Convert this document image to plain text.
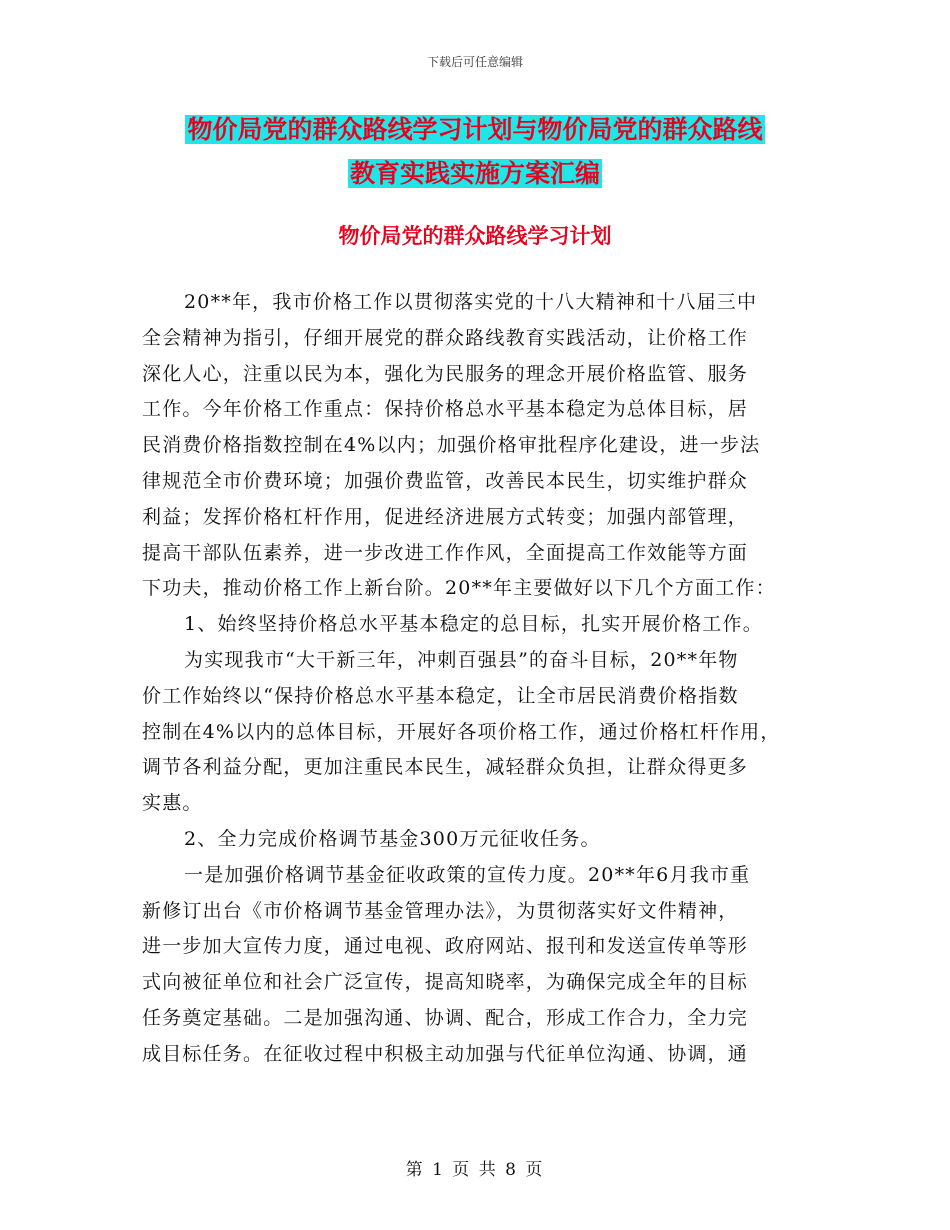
下载后可任意编辑
物价局党的群众路线学习计划与物价局党的群众路线
教育实践实施方案汇编
物价局党的群众路线学习计划
20**年，我市价格工作以贯彻落实党的十八大精神和十八届三中
全会精神为指引，仔细开展党的群众路线教育实践活动，让价格工作
深化人心，注重以民为本，强化为民服务的理念开展价格监管、服务
工作。今年价格工作重点：保持价格总水平基本稳定为总体目标，居
民消费价格指数控制在4%以内；加强价格审批程序化建设，进一步法
律规范全市价费环境；加强价费监管，改善民本民生，切实维护群众
利益；发挥价格杠杆作用，促进经济进展方式转变；加强内部管理，
提高干部队伍素养，进一步改进工作作风，全面提高工作效能等方面
下功夫，推动价格工作上新台阶。20**年主要做好以下几个方面工作：
1、始终坚持价格总水平基本稳定的总目标，扎实开展价格工作。
为实现我市“大干新三年，冲刺百强县”的奋斗目标，20**年物
价工作始终以“保持价格总水平基本稳定，让全市居民消费价格指数
控制在4%以内的总体目标，开展好各项价格工作，通过价格杠杆作用，
调节各利益分配，更加注重民本民生，减轻群众负担，让群众得更多
实惠。
2、全力完成价格调节基金300万元征收任务。
一是加强价格调节基金征收政策的宣传力度。20**年6月我市重
新修订出台《市价格调节基金管理办法》，为贯彻落实好文件精神，
进一步加大宣传力度，通过电视、政府网站、报刊和发送宣传单等形
式向被征单位和社会广泛宣传，提高知晓率，为确保完成全年的目标
任务奠定基础。二是加强沟通、协调、配合，形成工作合力，全力完
成目标任务。在征收过程中积极主动加强与代征单位沟通、协调，通
第 1 页 共 8 页
